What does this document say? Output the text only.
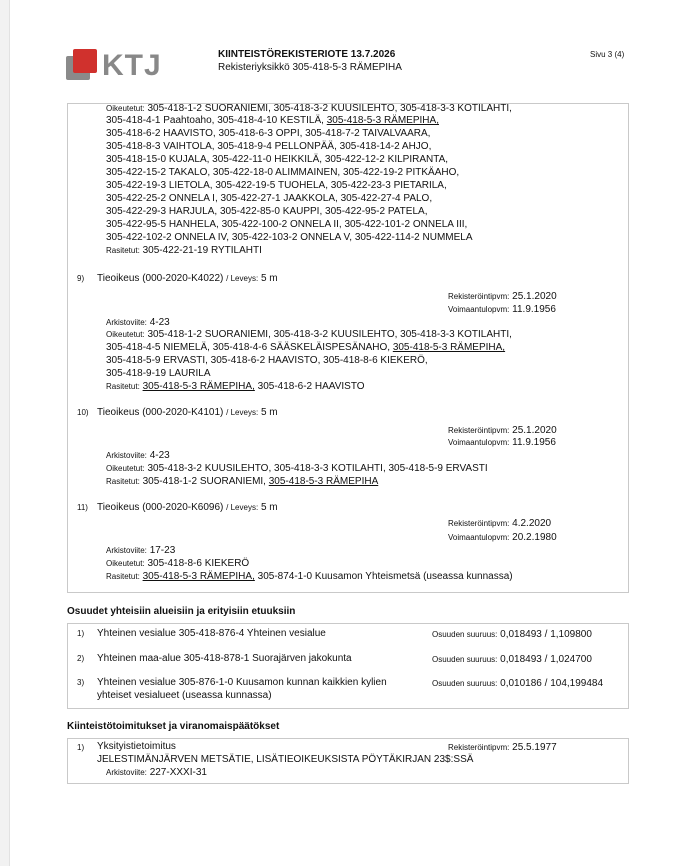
KTJ	KIINTEISTÖREKISTERIOTE 13.7.2026
Rekisteriyksikkö 305-418-5-3 RÄMEPIHA
Sivu 3 (4)
Oikeutetut: 305-418-1-2 SUORANIEMI, 305-418-3-2 KUUSILEHTO, 305-418-3-3 KOTILAHTI,
305-418-4-1 Paahtoaho, 305-418-4-10 KESTILÄ, 305-418-5-3 RÄMEPIHA,
305-418-6-2 HAAVISTO, 305-418-6-3 OPPI, 305-418-7-2 TAIVALVAARA,
305-418-8-3 VAIHTOLA, 305-418-9-4 PELLONPÄÄ, 305-418-14-2 AHJO,
305-418-15-0 KUJALA, 305-422-11-0 HEIKKILÄ, 305-422-12-2 KILPIRANTA,
305-422-15-2 TAKALO, 305-422-18-0 ALIMMAINEN, 305-422-19-2 PITKÄAHO,
305-422-19-3 LIETOLA, 305-422-19-5 TUOHELA, 305-422-23-3 PIETARILA,
305-422-25-2 ONNELA I, 305-422-27-1 JAAKKOLA, 305-422-27-4 PALO,
305-422-29-3 HARJULA, 305-422-85-0 KAUPPI, 305-422-95-2 PATELA,
305-422-95-5 HANHELA, 305-422-100-2 ONNELA II, 305-422-101-2 ONNELA III,
305-422-102-2 ONNELA IV, 305-422-103-2 ONNELA V, 305-422-114-2 NUMMELA
Rasitetut: 305-422-21-19 RYTILAHTI
9) Tieoikeus (000-2020-K4022) / Leveys: 5 m
Rekisteröintipvm: 25.1.2020
Voimaantulopvm: 11.9.1956
Arkistoviite: 4-23
Oikeutetut: 305-418-1-2 SUORANIEMI, 305-418-3-2 KUUSILEHTO, 305-418-3-3 KOTILAHTI,
305-418-4-5 NIEMELÄ, 305-418-4-6 SÄÄSKELÄISPESÄNAHO, 305-418-5-3 RÄMEPIHA,
305-418-5-9 ERVASTI, 305-418-6-2 HAAVISTO, 305-418-8-6 KIEKERÖ,
305-418-9-19 LAURILA
Rasitetut: 305-418-5-3 RÄMEPIHA, 305-418-6-2 HAAVISTO
10) Tieoikeus (000-2020-K4101) / Leveys: 5 m
Rekisteröintipvm: 25.1.2020
Voimaantulopvm: 11.9.1956
Arkistoviite: 4-23
Oikeutetut: 305-418-3-2 KUUSILEHTO, 305-418-3-3 KOTILAHTI, 305-418-5-9 ERVASTI
Rasitetut: 305-418-1-2 SUORANIEMI, 305-418-5-3 RÄMEPIHA
11) Tieoikeus (000-2020-K6096) / Leveys: 5 m
Rekisteröintipvm: 4.2.2020
Voimaantulopvm: 20.2.1980
Arkistoviite: 17-23
Oikeutetut: 305-418-8-6 KIEKERÖ
Rasitetut: 305-418-5-3 RÄMEPIHA, 305-874-1-0 Kuusamon Yhteismetsä (useassa kunnassa)
Osuudet yhteisiin alueisiin ja erityisiin etuuksiin
1) Yhteinen vesialue 305-418-876-4 Yhteinen vesialue	Osuuden suuruus: 0,018493 / 1,109800
2) Yhteinen maa-alue 305-418-878-1 Suorajärven jakokunta	Osuuden suuruus: 0,018493 / 1,024700
3) Yhteinen vesialue 305-876-1-0 Kuusamon kunnan kaikkien kylien
yhteiset vesialueet (useassa kunnassa)
Osuuden suuruus: 0,010186 / 104,199484
Kiinteistötoimitukset ja viranomaispäätökset
1) Yksityistietoimitus	Rekisteröintipvm: 25.5.1977
JELESTIMÄNJÄRVEN METSÄTIE, LISÄTIEOIKEUKSISTA PÖYTÄKIRJAN 23$:SSÄ
Arkistoviite: 227-XXXI-31
